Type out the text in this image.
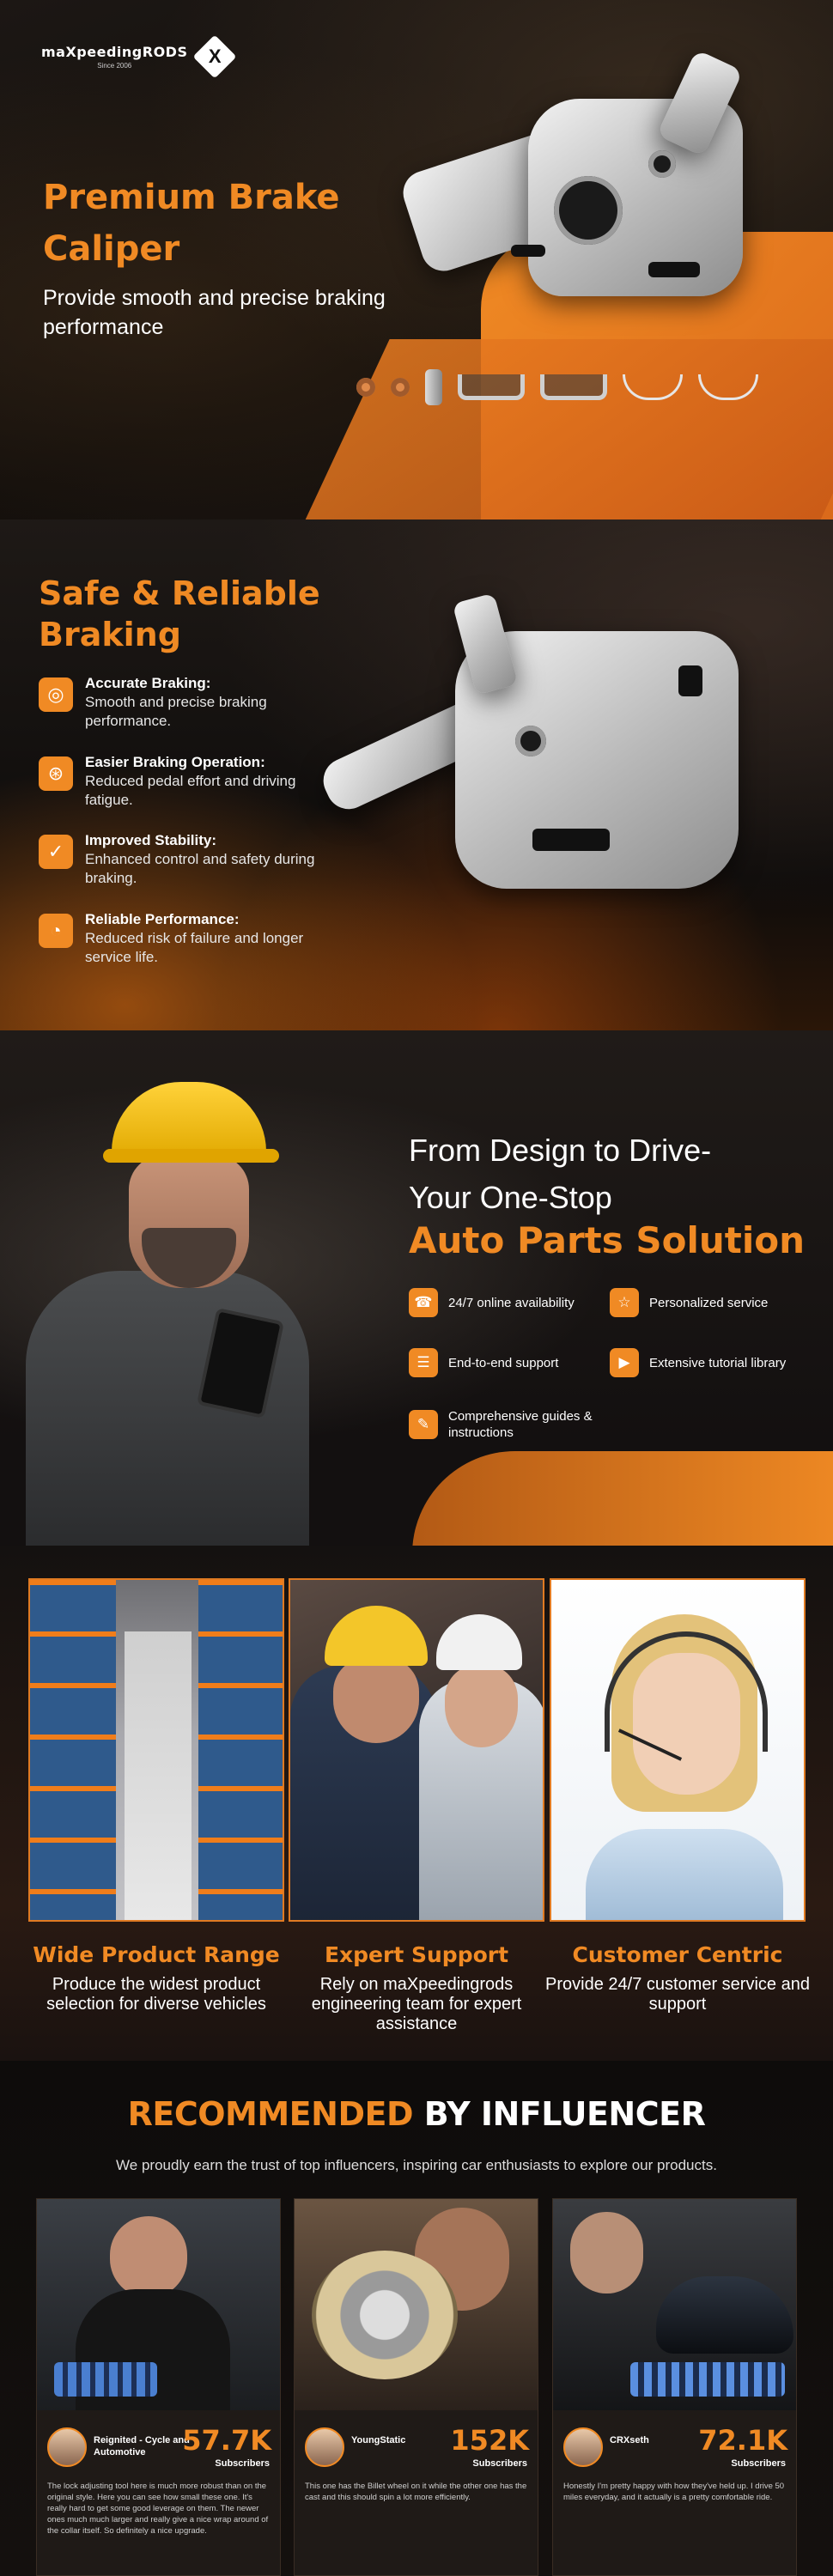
maXpeedingRODS
Since 2006	X
Premium Brake Caliper

Provide smooth and precise braking performance

Safe & Reliable Braking
◎
Accurate Braking:
Smooth and precise braking performance.
⊛
Easier Braking Operation:
Reduced pedal effort and driving fatigue.
✓
Improved Stability:
Enhanced control and safety during braking.
◔
Reliable Performance:
Reduced risk of failure and longer service life.
From Design to Drive-
Your One-Stop
Auto Parts Solution
☎	24/7 online availability	☆	Personalized service
☰	End-to-end support	▶	Extensive tutorial library
✎	Comprehensive guides & instructions
Wide Product Range
Produce the widest product selection for diverse vehicles
Expert Support
Rely on maXpeedingrods engineering team for expert assistance
Customer Centric
Provide 24/7 customer service and support
RECOMMENDED BY INFLUENCER

We proudly earn the trust of top influencers, inspiring car enthusiasts to explore our products.

Reignited - Cycle and Automotive	57.7K
Subscribers
The lock adjusting tool here is much more robust than on the original style. Here you can see how small these one. It's really hard to get some good leverage on them. The newer ones much much larger and really give a nice wrap around of the collar itself. So definitely a nice upgrade.
YoungStatic	152K
Subscribers
This one has the Billet wheel on it while the other one has the cast and this should spin a lot more efficiently.
CRXseth	72.1K
Subscribers
Honestly I'm pretty happy with how they've held up. I drive 50 miles everyday, and it actually is a pretty comfortable ride.
